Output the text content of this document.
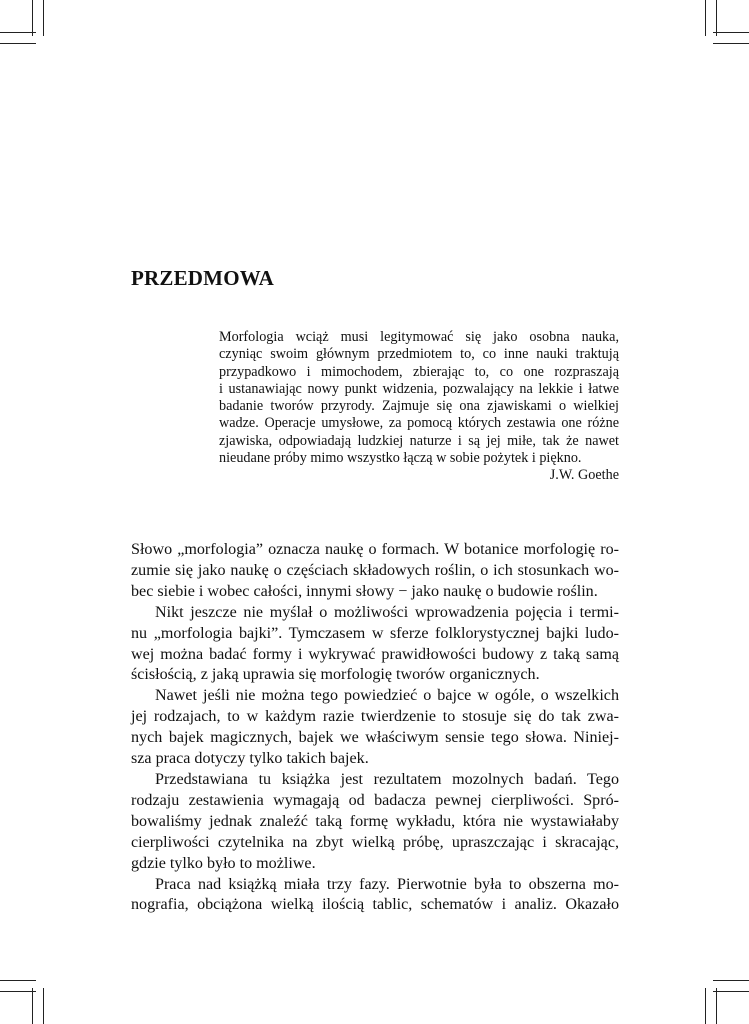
PRZEDMOWA
Morfologia wciąż musi legitymować się jako osobna nauka,
czyniąc swoim głównym przedmiotem to, co inne nauki traktują
przypadkowo i mimochodem, zbierając to, co one rozpraszają
i ustanawiając nowy punkt widzenia, pozwalający na lekkie i łatwe
badanie tworów przyrody. Zajmuje się ona zjawiskami o wielkiej
wadze. Operacje umysłowe, za pomocą których zestawia one różne
zjawiska, odpowiadają ludzkiej naturze i są jej miłe, tak że nawet
nieudane próby mimo wszystko łączą w sobie pożytek i piękno.
J.W. Goethe
Słowo „morfologia” oznacza naukę o formach. W botanice morfologię ro-
zumie się jako naukę o częściach składowych roślin, o ich stosunkach wo-
bec siebie i wobec całości, innymi słowy − jako naukę o budowie roślin.
Nikt jeszcze nie myślał o możliwości wprowadzenia pojęcia i termi-
nu „morfologia bajki”. Tymczasem w sferze folklorystycznej bajki ludo-
wej można badać formy i wykrywać prawidłowości budowy z taką samą
ścisłością, z jaką uprawia się morfologię tworów organicznych.
Nawet jeśli nie można tego powiedzieć o bajce w ogóle, o wszelkich
jej rodzajach, to w każdym razie twierdzenie to stosuje się do tak zwa-
nych bajek magicznych, bajek we właściwym sensie tego słowa. Niniej-
sza praca dotyczy tylko takich bajek.
Przedstawiana tu książka jest rezultatem mozolnych badań. Tego
rodzaju zestawienia wymagają od badacza pewnej cierpliwości. Spró-
bowaliśmy jednak znaleźć taką formę wykładu, która nie wystawiałaby
cierpliwości czytelnika na zbyt wielką próbę, upraszczając i skracając,
gdzie tylko było to możliwe.
Praca nad książką miała trzy fazy. Pierwotnie była to obszerna mo-
nografia, obciążona wielką ilością tablic, schematów i analiz. Okazało
